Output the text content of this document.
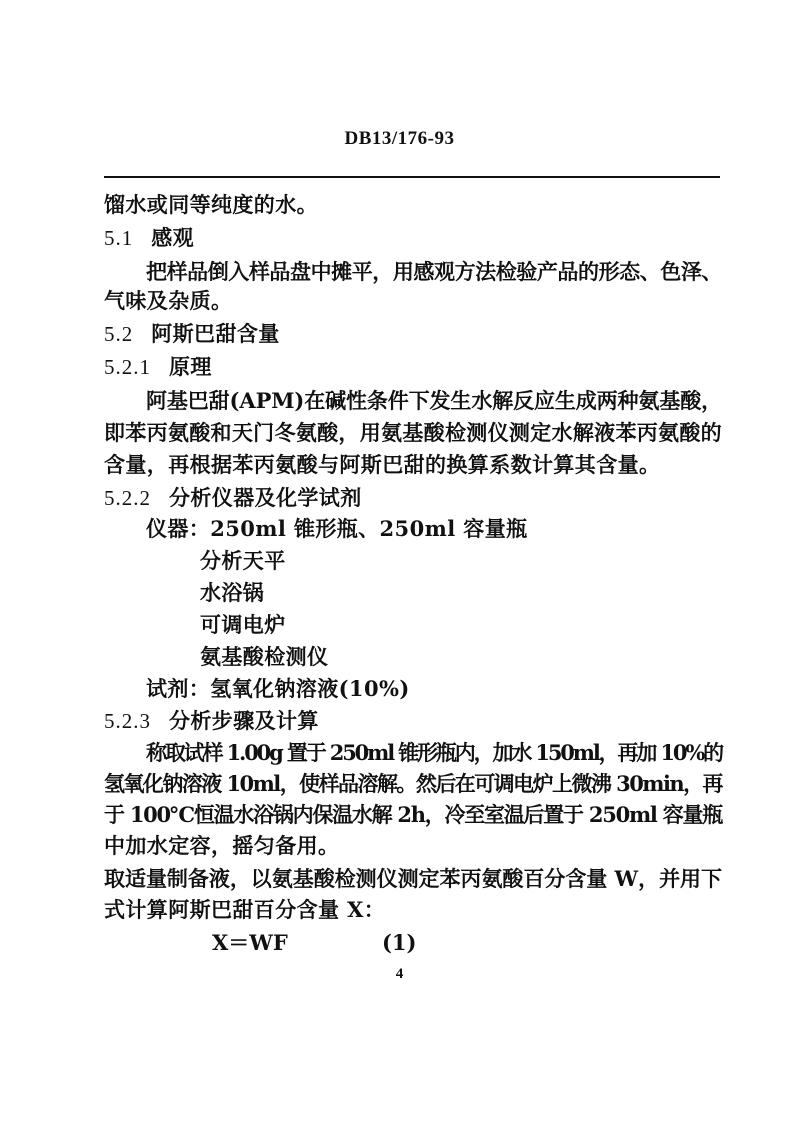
DB13/176-93
馏水或同等纯度的水。
5.1 感观
把样品倒入样品盘中摊平，用感观方法检验产品的形态、色泽、
气味及杂质。
5.2 阿斯巴甜含量
5.2.1 原理
阿基巴甜(APM)在碱性条件下发生水解反应生成两种氨基酸，
即苯丙氨酸和天门冬氨酸，用氨基酸检测仪测定水解液苯丙氨酸的
含量，再根据苯丙氨酸与阿斯巴甜的换算系数计算其含量。
5.2.2 分析仪器及化学试剂
仪器：250ml 锥形瓶、250ml 容量瓶
分析天平
水浴锅
可调电炉
氨基酸检测仪
试剂：氢氧化钠溶液(10%)
5.2.3 分析步骤及计算
称取试样 1.00g 置于 250ml 锥形瓶内，加水 150ml，再加 10%的
氢氧化钠溶液 10ml，使样品溶解。然后在可调电炉上微沸 30min，再
于 100℃恒温水浴锅内保温水解 2h，冷至室温后置于 250ml 容量瓶
中加水定容，摇匀备用。
取适量制备液，以氨基酸检测仪测定苯丙氨酸百分含量 W，并用下
式计算阿斯巴甜百分含量 X：
X＝WF	(1)
4
